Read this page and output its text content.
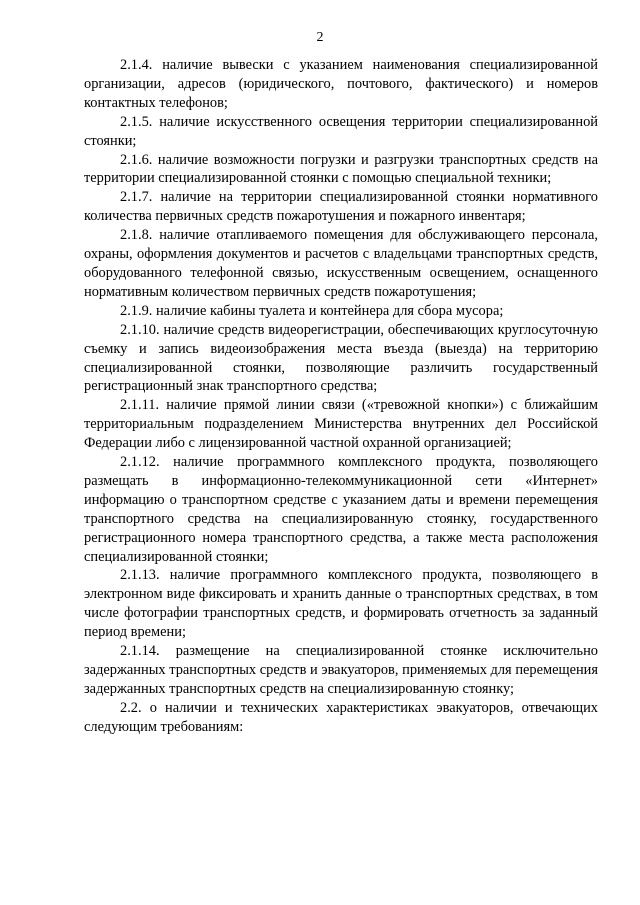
2

2.1.4. наличие вывески с указанием наименования специализированной организации, адресов (юридического, почтового, фактического) и номеров контактных телефонов;

2.1.5. наличие искусственного освещения территории специализированной стоянки;

2.1.6. наличие возможности погрузки и разгрузки транспортных средств на территории специализированной стоянки с помощью специальной техники;

2.1.7. наличие на территории специализированной стоянки нормативного количества первичных средств пожаротушения и пожарного инвентаря;

2.1.8. наличие отапливаемого помещения для обслуживающего персонала, охраны, оформления документов и расчетов с владельцами транспортных средств, оборудованного телефонной связью, искусственным освещением, оснащенного нормативным количеством первичных средств пожаротушения;

2.1.9. наличие кабины туалета и контейнера для сбора мусора;

2.1.10. наличие средств видеорегистрации, обеспечивающих круглосуточную съемку и запись видеоизображения места въезда (выезда) на территорию специализированной стоянки, позволяющие различить государственный регистрационный знак транспортного средства;

2.1.11. наличие прямой линии связи («тревожной кнопки») с ближайшим территориальным подразделением Министерства внутренних дел Российской Федерации либо с лицензированной частной охранной организацией;

2.1.12. наличие программного комплексного продукта, позволяющего размещать в информационно-телекоммуникационной сети «Интернет» информацию о транспортном средстве с указанием даты и времени перемещения транспортного средства на специализированную стоянку, государственного регистрационного номера транспортного средства, а также места расположения специализированной стоянки;

2.1.13. наличие программного комплексного продукта, позволяющего в электронном виде фиксировать и хранить данные о транспортных средствах, в том числе фотографии транспортных средств, и формировать отчетность за заданный период времени;

2.1.14. размещение на специализированной стоянке исключительно задержанных транспортных средств и эвакуаторов, применяемых для перемещения задержанных транспортных средств на специализированную стоянку;

2.2. о наличии и технических характеристиках эвакуаторов, отвечающих следующим требованиям:
